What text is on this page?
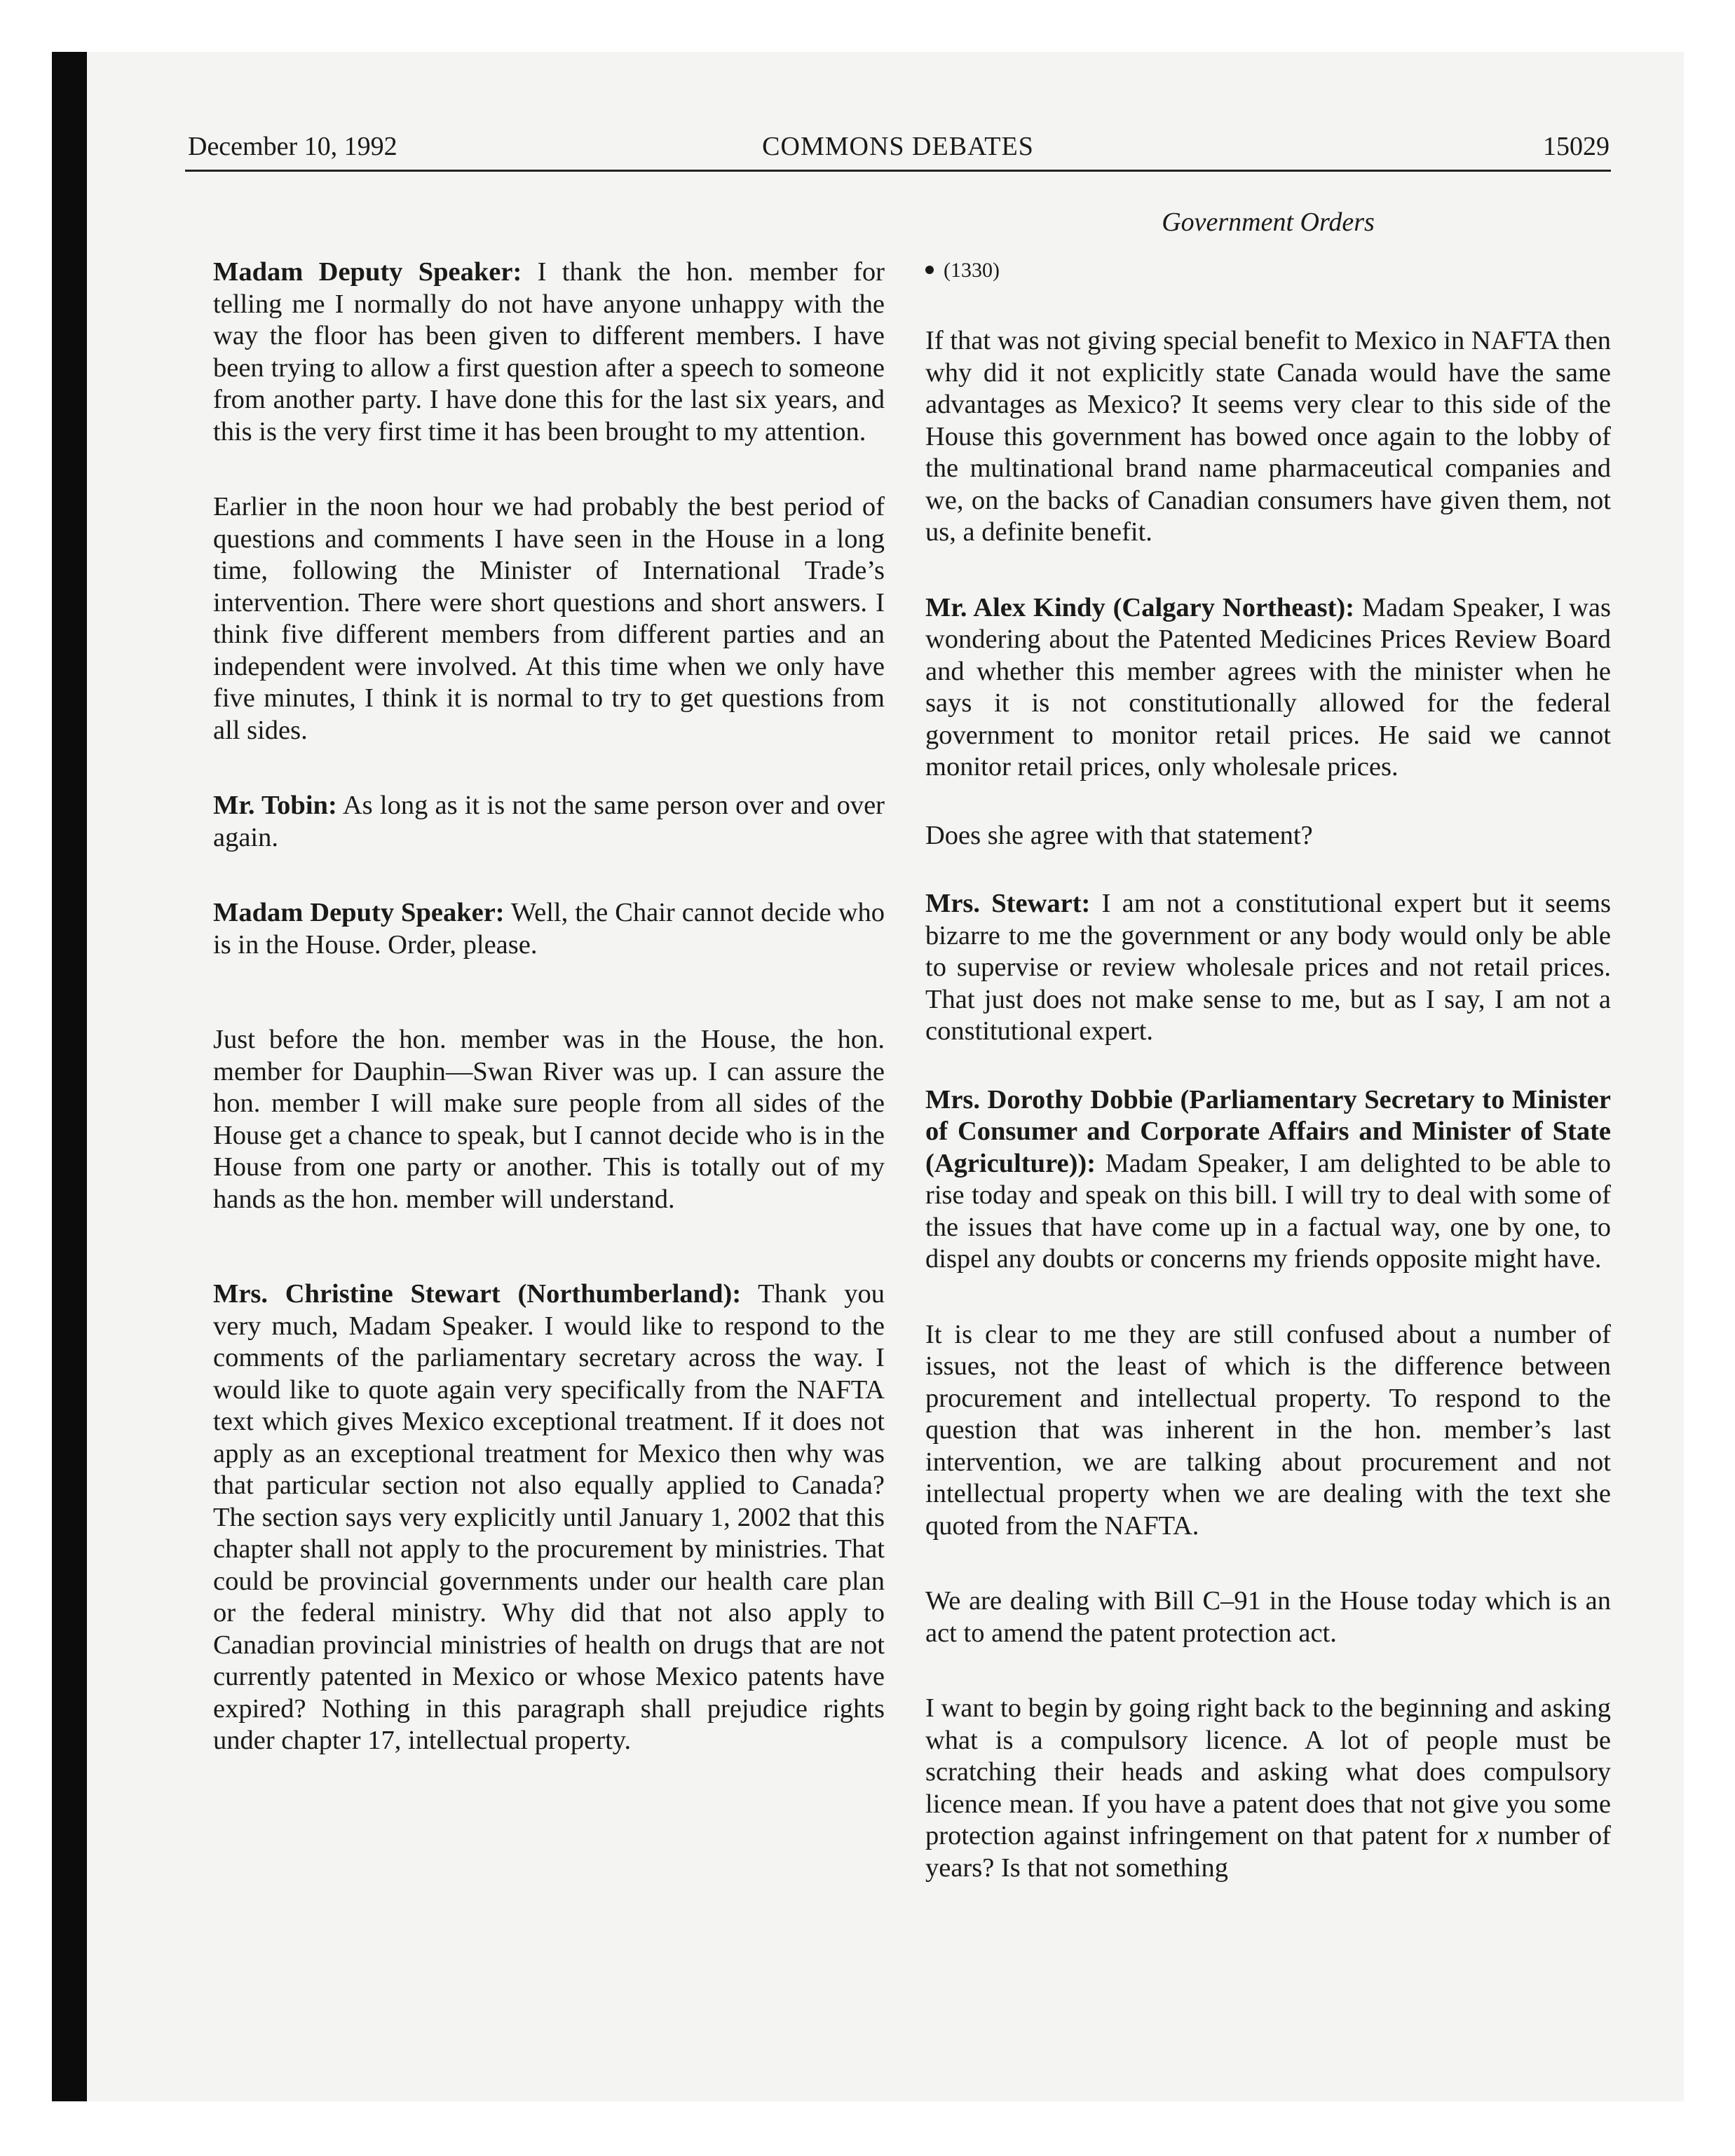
December 10, 1992	COMMONS DEBATES	15029
Government Orders

Madam Deputy Speaker: I thank the hon. member for telling me I normally do not have anyone unhappy with the way the floor has been given to different members. I have been trying to allow a first question after a speech to someone from another party. I have done this for the last six years, and this is the very first time it has been brought to my attention.

Earlier in the noon hour we had probably the best period of questions and comments I have seen in the House in a long time, following the Minister of International Trade’s intervention. There were short questions and short answers. I think five different members from different parties and an independent were involved. At this time when we only have five minutes, I think it is normal to try to get questions from all sides.

Mr. Tobin: As long as it is not the same person over and over again.

Madam Deputy Speaker: Well, the Chair cannot decide who is in the House. Order, please.

Just before the hon. member was in the House, the hon. member for Dauphin—Swan River was up. I can assure the hon. member I will make sure people from all sides of the House get a chance to speak, but I cannot decide who is in the House from one party or another. This is totally out of my hands as the hon. member will understand.

Mrs. Christine Stewart (Northumberland): Thank you very much, Madam Speaker. I would like to respond to the comments of the parliamentary secretary across the way. I would like to quote again very specifically from the NAFTA text which gives Mexico exceptional treatment. If it does not apply as an exceptional treatment for Mexico then why was that particular section not also equally applied to Canada? The section says very explicitly until January 1, 2002 that this chapter shall not apply to the procurement by ministries. That could be provincial governments under our health care plan or the federal ministry. Why did that not also apply to Canadian provincial ministries of health on drugs that are not currently patented in Mexico or whose Mexico patents have expired? Nothing in this paragraph shall prejudice rights under chapter 17, intellectual property.

(1330)

If that was not giving special benefit to Mexico in NAFTA then why did it not explicitly state Canada would have the same advantages as Mexico? It seems very clear to this side of the House this government has bowed once again to the lobby of the multinational brand name pharmaceutical companies and we, on the backs of Canadian consumers have given them, not us, a definite benefit.

Mr. Alex Kindy (Calgary Northeast): Madam Speaker, I was wondering about the Patented Medicines Prices Review Board and whether this member agrees with the minister when he says it is not constitutionally allowed for the federal government to monitor retail prices. He said we cannot monitor retail prices, only wholesale prices.

Does she agree with that statement?

Mrs. Stewart: I am not a constitutional expert but it seems bizarre to me the government or any body would only be able to supervise or review wholesale prices and not retail prices. That just does not make sense to me, but as I say, I am not a constitutional expert.

Mrs. Dorothy Dobbie (Parliamentary Secretary to Minister of Consumer and Corporate Affairs and Minister of State (Agriculture)): Madam Speaker, I am delighted to be able to rise today and speak on this bill. I will try to deal with some of the issues that have come up in a factual way, one by one, to dispel any doubts or concerns my friends opposite might have.

It is clear to me they are still confused about a number of issues, not the least of which is the difference between procurement and intellectual property. To respond to the question that was inherent in the hon. member’s last intervention, we are talking about procurement and not intellectual property when we are dealing with the text she quoted from the NAFTA.

We are dealing with Bill C–91 in the House today which is an act to amend the patent protection act.

I want to begin by going right back to the beginning and asking what is a compulsory licence. A lot of people must be scratching their heads and asking what does compulsory licence mean. If you have a patent does that not give you some protection against infringement on that patent for x number of years? Is that not something
